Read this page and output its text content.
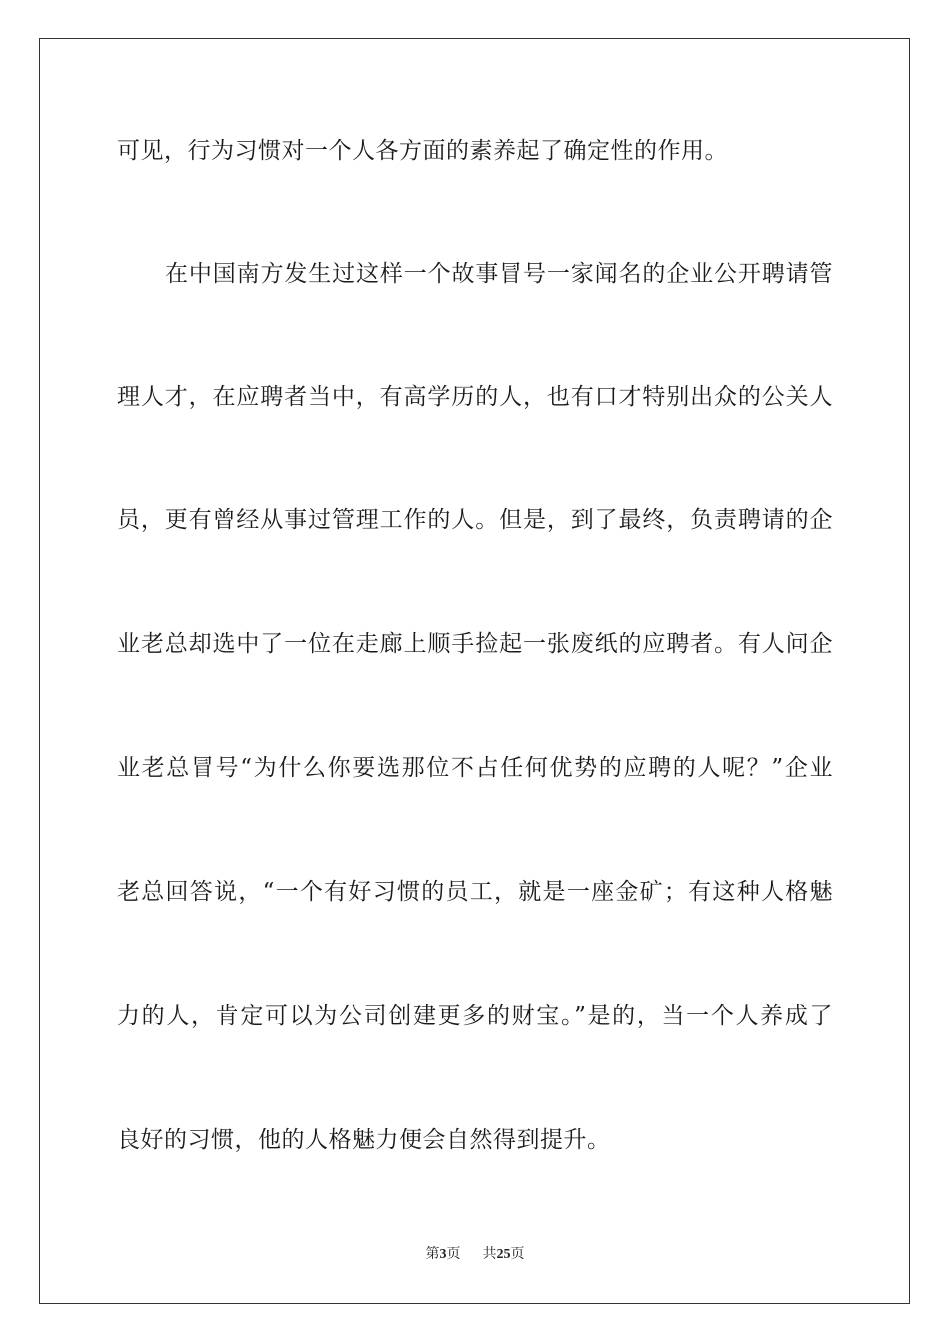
可见，行为习惯对一个人各方面的素养起了确定性的作用。
在中国南方发生过这样一个故事冒号一家闻名的企业公开聘请管
理人才，在应聘者当中，有高学历的人，也有口才特别出众的公关人
员，更有曾经从事过管理工作的人。但是，到了最终，负责聘请的企
业老总却选中了一位在走廊上顺手捡起一张废纸的应聘者。有人问企
业老总冒号“为什么你要选那位不占任何优势的应聘的人呢？”企业
老总回答说，“一个有好习惯的员工，就是一座金矿；有这种人格魅
力的人，肯定可以为公司创建更多的财宝。”是的，当一个人养成了
良好的习惯，他的人格魅力便会自然得到提升。
第3页 共25页
